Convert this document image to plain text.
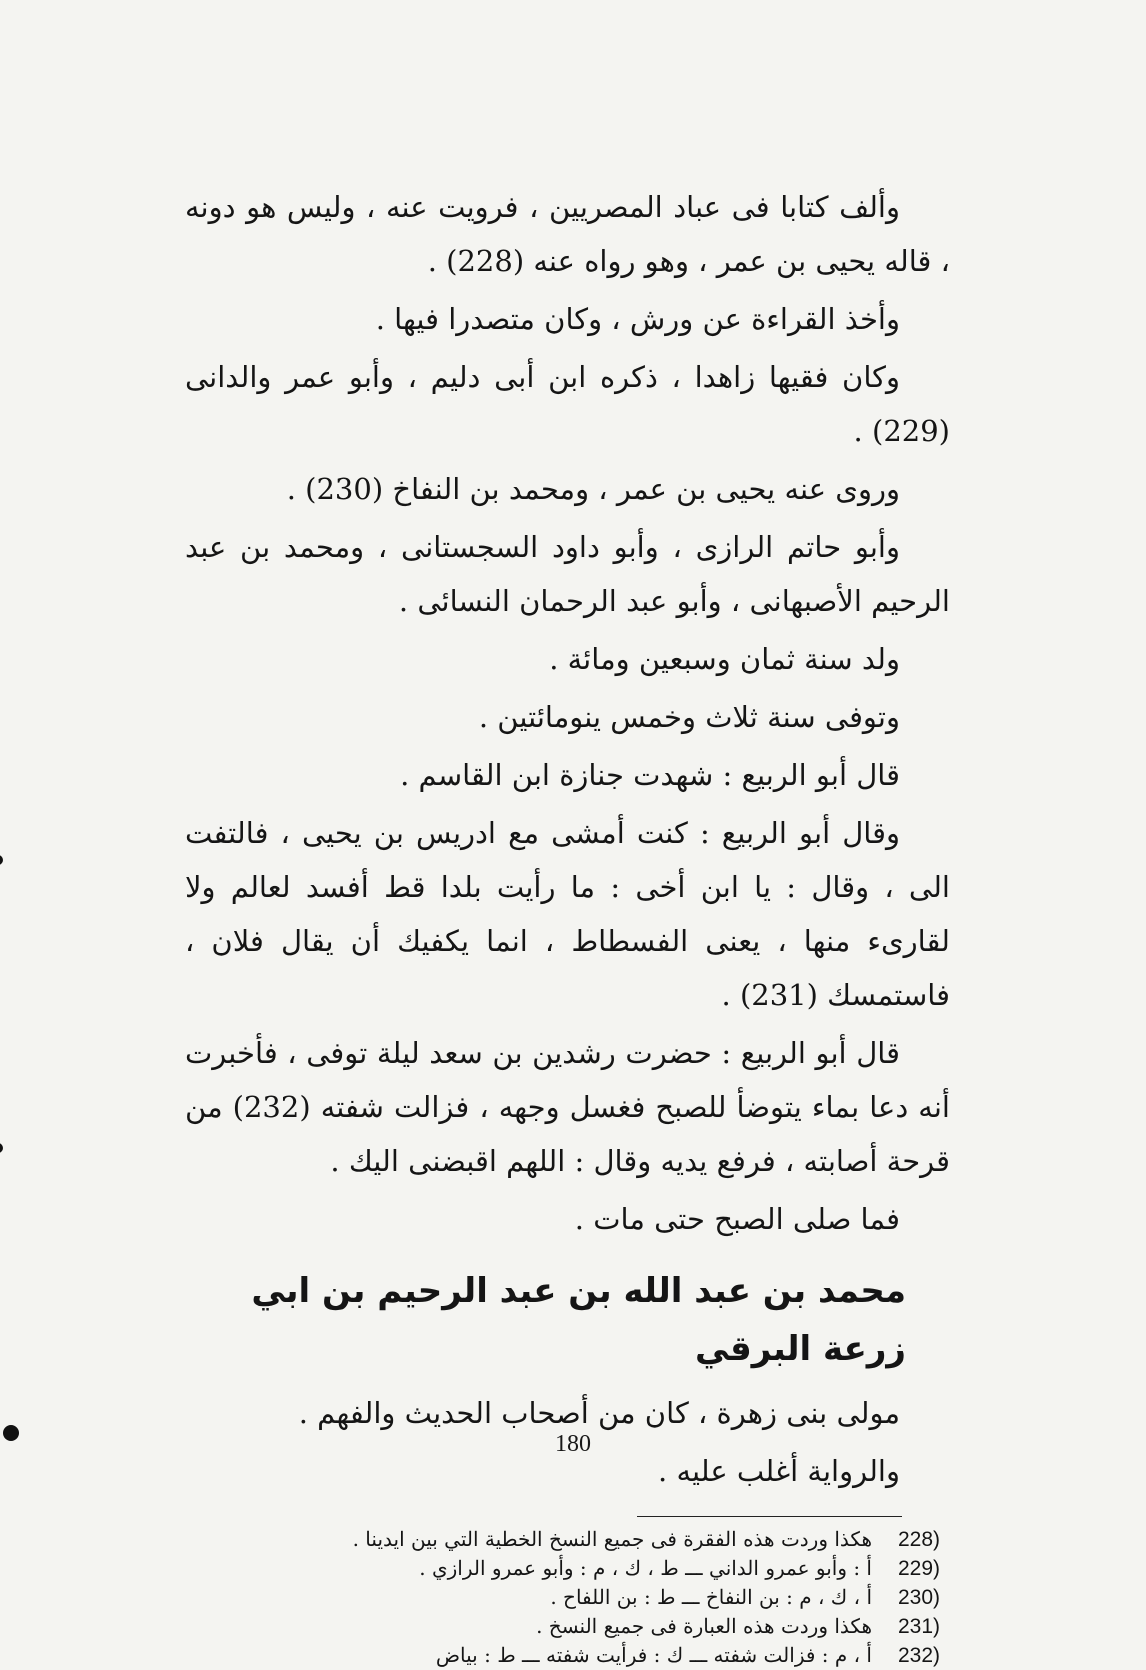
وألف كتابا فى عباد المصريين ، فرويت عنه ، وليس هو دونه ، قاله يحيى بن عمر ، وهو رواه عنه (228) .

وأخذ القراءة عن ورش ، وكان متصدرا فيها .

وكان فقيها زاهدا ، ذكره ابن أبى دليم ، وأبو عمر والدانى (229) .

وروى عنه يحيى بن عمر ، ومحمد بن النفاخ (230) .

وأبو حاتم الرازى ، وأبو داود السجستانى ، ومحمد بن عبد الرحيم الأصبهانى ، وأبو عبد الرحمان النسائى .

ولد سنة ثمان وسبعين ومائة .

وتوفى سنة ثلاث وخمس ينومائتين .

قال أبو الربيع : شهدت جنازة ابن القاسم .

وقال أبو الربيع : كنت أمشى مع ادريس بن يحيى ، فالتفت الى ، وقال : يا ابن أخى : ما رأيت بلدا قط أفسد لعالم ولا لقارىء منها ، يعنى الفسطاط ، انما يكفيك أن يقال فلان ، فاستمسك (231) .

قال أبو الربيع : حضرت رشدين بن سعد ليلة توفى ، فأخبرت أنه دعا بماء يتوضأ للصبح فغسل وجهه ، فزالت شفته (232) من قرحة أصابته ، فرفع يديه وقال : اللهم اقبضنى اليك .

فما صلى الصبح حتى مات .

محمد بن عبد الله بن عبد الرحيم بن ابي زرعة البرقي

مولى بنى زهرة ، كان من أصحاب الحديث والفهم .

والرواية أغلب عليه .

228)
هكذا وردت هذه الفقرة فى جميع النسخ الخطية التي بين ايدينا .
229)
أ : وأبو عمرو الداني ـــ ط ، ك ، م : وأبو عمرو الرازي .
230)
أ ، ك ، م : بن النفاخ ـــ ط : بن اللفاح .
231)
هكذا وردت هذه العبارة فى جميع النسخ .
232)
أ ، م : فزالت شفته ـــ ك : فرأيت شفته ـــ ط : بياض
180
